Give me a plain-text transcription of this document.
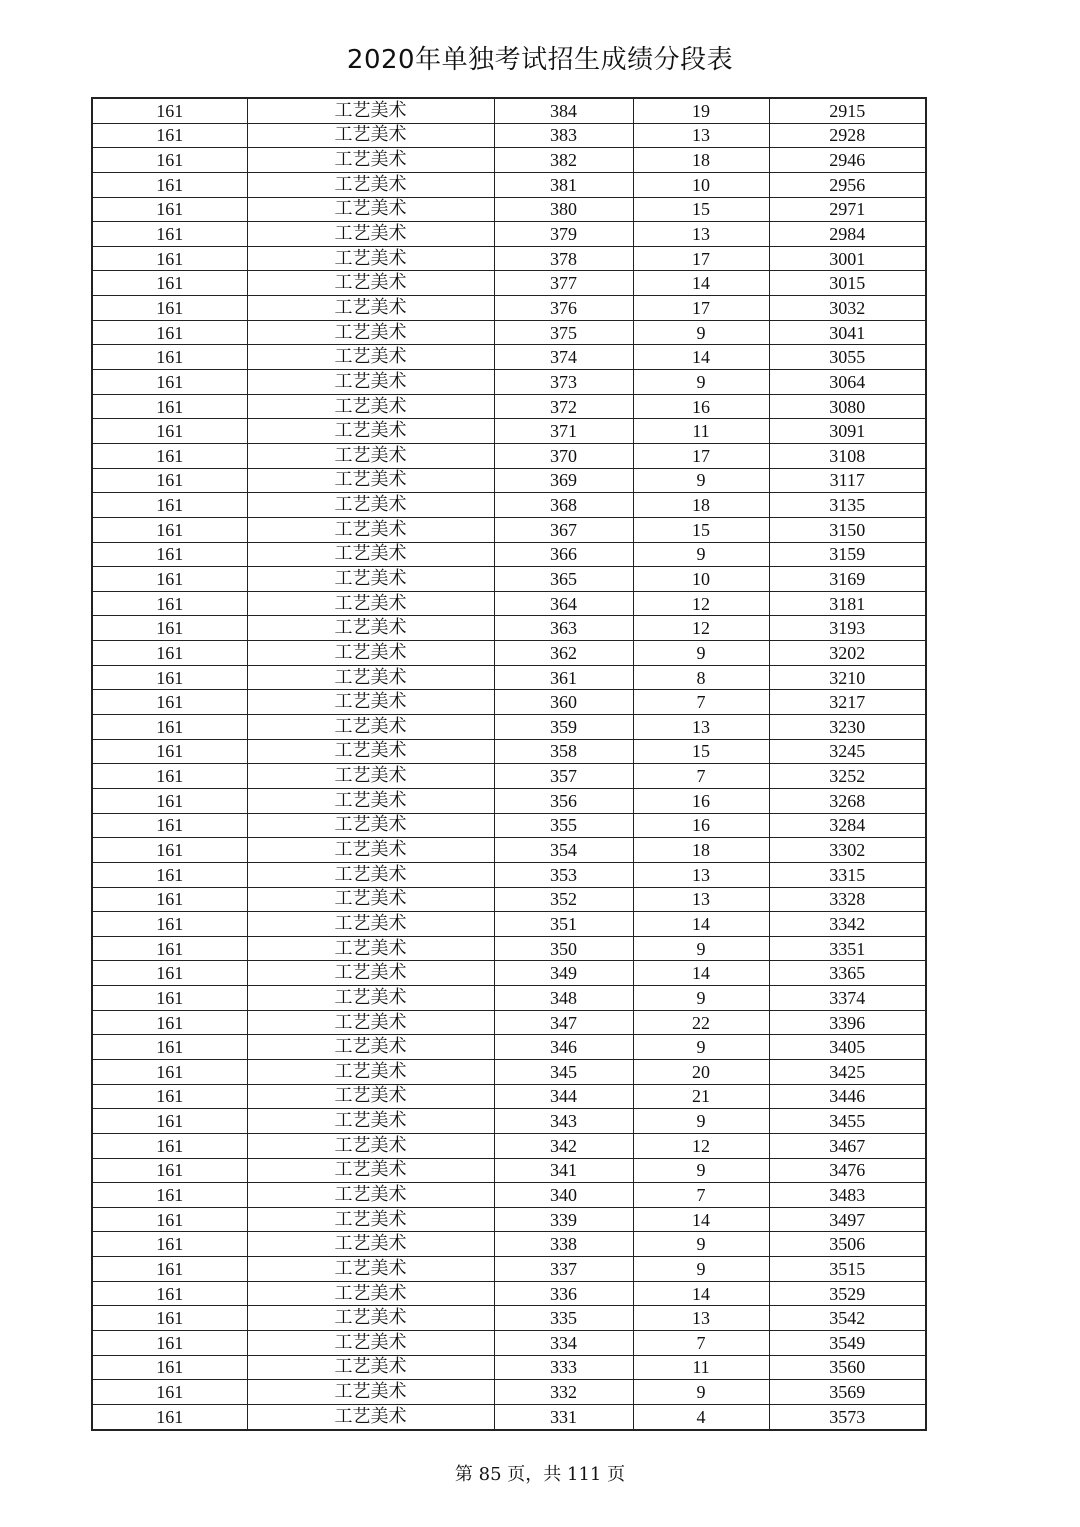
2020年单独考试招生成绩分段表
161	工艺美术	384	19	2915
161	工艺美术	383	13	2928
161	工艺美术	382	18	2946
161	工艺美术	381	10	2956
161	工艺美术	380	15	2971
161	工艺美术	379	13	2984
161	工艺美术	378	17	3001
161	工艺美术	377	14	3015
161	工艺美术	376	17	3032
161	工艺美术	375	9	3041
161	工艺美术	374	14	3055
161	工艺美术	373	9	3064
161	工艺美术	372	16	3080
161	工艺美术	371	11	3091
161	工艺美术	370	17	3108
161	工艺美术	369	9	3117
161	工艺美术	368	18	3135
161	工艺美术	367	15	3150
161	工艺美术	366	9	3159
161	工艺美术	365	10	3169
161	工艺美术	364	12	3181
161	工艺美术	363	12	3193
161	工艺美术	362	9	3202
161	工艺美术	361	8	3210
161	工艺美术	360	7	3217
161	工艺美术	359	13	3230
161	工艺美术	358	15	3245
161	工艺美术	357	7	3252
161	工艺美术	356	16	3268
161	工艺美术	355	16	3284
161	工艺美术	354	18	3302
161	工艺美术	353	13	3315
161	工艺美术	352	13	3328
161	工艺美术	351	14	3342
161	工艺美术	350	9	3351
161	工艺美术	349	14	3365
161	工艺美术	348	9	3374
161	工艺美术	347	22	3396
161	工艺美术	346	9	3405
161	工艺美术	345	20	3425
161	工艺美术	344	21	3446
161	工艺美术	343	9	3455
161	工艺美术	342	12	3467
161	工艺美术	341	9	3476
161	工艺美术	340	7	3483
161	工艺美术	339	14	3497
161	工艺美术	338	9	3506
161	工艺美术	337	9	3515
161	工艺美术	336	14	3529
161	工艺美术	335	13	3542
161	工艺美术	334	7	3549
161	工艺美术	333	11	3560
161	工艺美术	332	9	3569
161	工艺美术	331	4	3573
第 85 页，共 111 页
